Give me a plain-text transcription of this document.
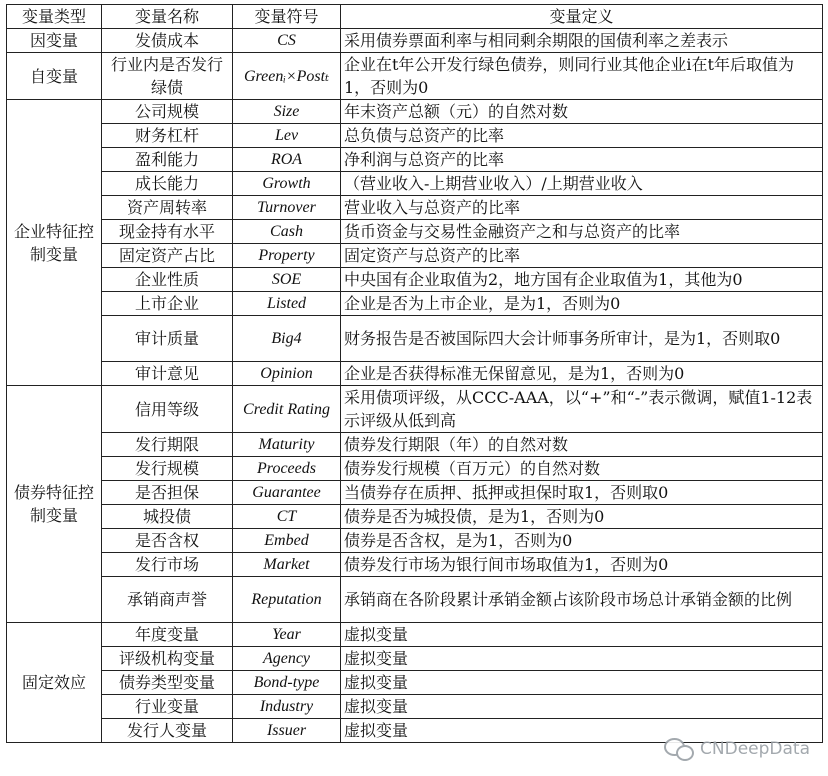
变量类型	变量名称	变量符号	变量定义
因变量	发债成本	CS	采用债券票面利率与相同剩余期限的国债利率之差表示
自变量	行业内是否发行绿债	Greenᵢ×Postₜ	企业在t年公开发行绿色债券，则同行业其他企业i在t年后取值为1，否则为0
企业特征控制变量	公司规模	Size	年末资产总额（元）的自然对数
	财务杠杆	Lev	总负债与总资产的比率
	盈利能力	ROA	净利润与总资产的比率
	成长能力	Growth	（营业收入-上期营业收入）/上期营业收入
	资产周转率	Turnover	营业收入与总资产的比率
	现金持有水平	Cash	货币资金与交易性金融资产之和与总资产的比率
	固定资产占比	Property	固定资产与总资产的比率
	企业性质	SOE	中央国有企业取值为2，地方国有企业取值为1，其他为0
	上市企业	Listed	企业是否为上市企业，是为1，否则为0
	审计质量	Big4	财务报告是否被国际四大会计师事务所审计，是为1，否则取0
	审计意见	Opinion	企业是否获得标准无保留意见，是为1，否则为0
债券特征控制变量	信用等级	Credit Rating	采用债项评级，从CCC-AAA，以“+”和“-”表示微调，赋值1-12表示评级从低到高
	发行期限	Maturity	债券发行期限（年）的自然对数
	发行规模	Proceeds	债券发行规模（百万元）的自然对数
	是否担保	Guarantee	当债券存在质押、抵押或担保时取1，否则取0
	城投债	CT	债券是否为城投债，是为1，否则为0
	是否含权	Embed	债券是否含权，是为1，否则为0
	发行市场	Market	债券发行市场为银行间市场取值为1，否则为0
	承销商声誉	Reputation	承销商在各阶段累计承销金额占该阶段市场总计承销金额的比例
固定效应	年度变量	Year	虚拟变量
	评级机构变量	Agency	虚拟变量
	债券类型变量	Bond-type	虚拟变量
	行业变量	Industry	虚拟变量
	发行人变量	Issuer	虚拟变量
CNDeepData
